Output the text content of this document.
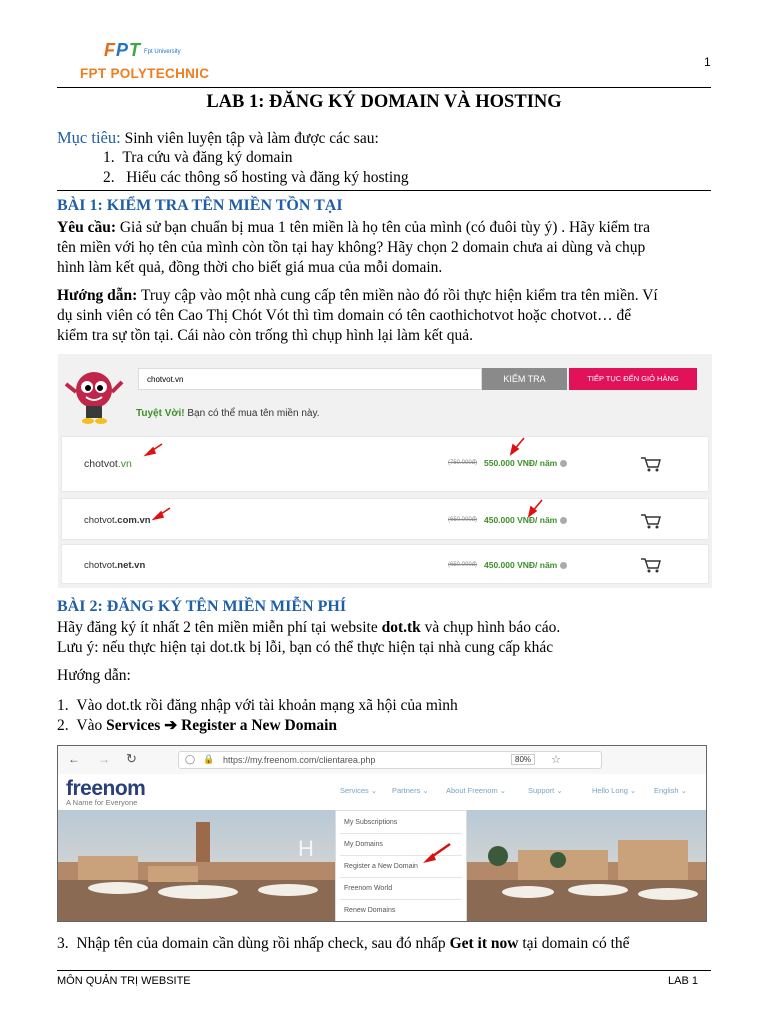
FPT Fpt University
FPT POLYTECHNIC
1
LAB 1: ĐĂNG KÝ DOMAIN VÀ HOSTING
Mục tiêu: Sinh viên luyện tập và làm được các sau:
1. Tra cứu và đăng ký domain
2. Hiểu các thông số hosting và đăng ký hosting
BÀI 1: KIỂM TRA TÊN MIỀN TỒN TẠI
Yêu cầu: Giả sử bạn chuẩn bị mua 1 tên miền là họ tên của mình (có đuôi tùy ý) . Hãy kiểm tra
tên miền với họ tên của mình còn tồn tại hay không? Hãy chọn 2 domain chưa ai dùng và chụp
hình làm kết quả, đồng thời cho biết giá mua của mỗi domain.
Hướng dẫn: Truy cập vào một nhà cung cấp tên miền nào đó rồi thực hiện kiểm tra tên miền. Ví
dụ sinh viên có tên Cao Thị Chót Vót thì tìm domain có tên caothichotvot hoặc chotvot… để
kiểm tra sự tồn tại. Cái nào còn trống thì chụp hình lại làm kết quả.
chotvot.vn	KIỂM TRA	TIẾP TỤC ĐẾN GIỎ HÀNG
Tuyệt Vời! Bạn có thể mua tên miền này.
chotvot.vn	(750.000đ) 550.000 VNĐ/ năm
chotvot.com.vn	(650.000đ) 450.000 VNĐ/ năm
chotvot.net.vn	(650.000đ) 450.000 VNĐ/ năm
BÀI 2: ĐĂNG KÝ TÊN MIỀN MIỄN PHÍ
Hãy đăng ký ít nhất 2 tên miền miễn phí tại website dot.tk và chụp hình báo cáo.
Lưu ý: nếu thực hiện tại dot.tk bị lỗi, bạn có thể thực hiện tại nhà cung cấp khác
Hướng dẫn:
1. Vào dot.tk rồi đăng nhập với tài khoản mạng xã hội của mình
2. Vào Services ➔ Register a New Domain
← → ↻	◯ 🔒 https://my.freenom.com/clientarea.php	80%	☆
freenom
A Name for Everyone
Services ⌄ Partners ⌄ About Freenom ⌄	Support ⌄	Hello Long ⌄ English ⌄
H
My Subscriptions
My Domains
Register a New Domain
Freenom World
Renew Domains
3. Nhập tên của domain cần dùng rồi nhấp check, sau đó nhấp Get it now tại domain có thể
MÔN QUẢN TRỊ WEBSITE	LAB 1
